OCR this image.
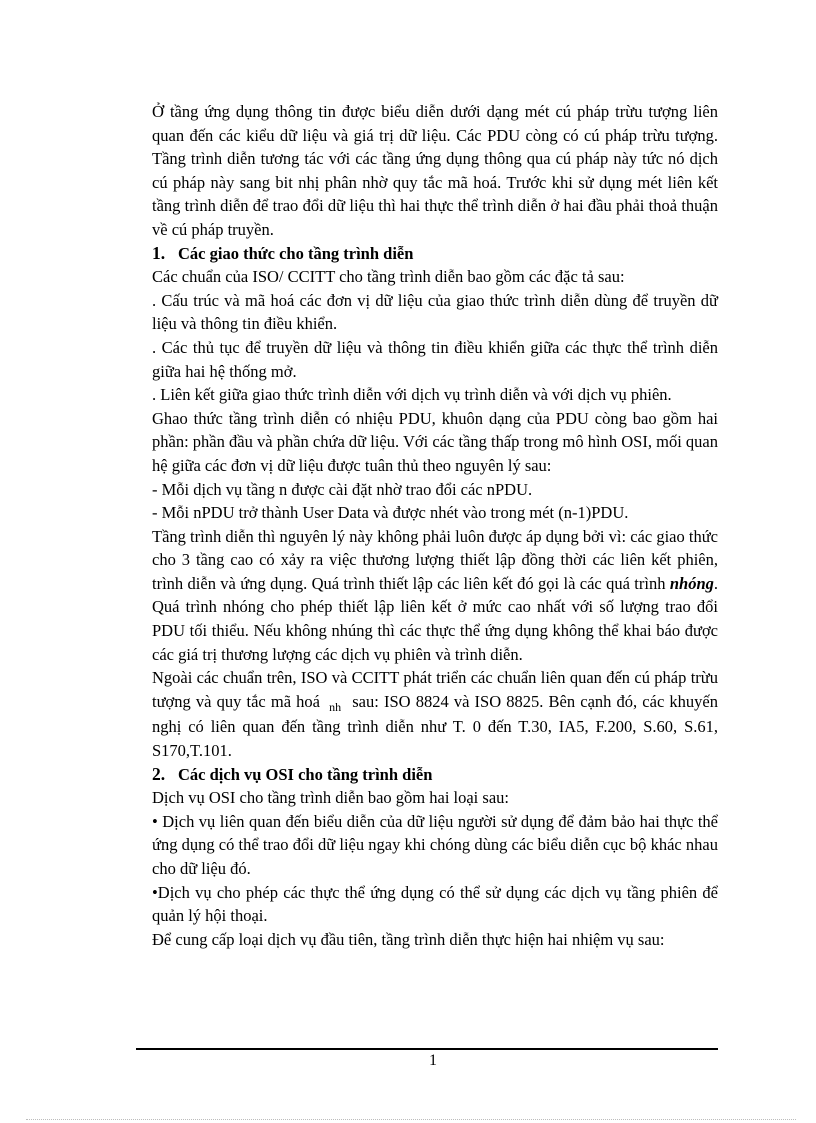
Ở tầng ứng dụng thông tin được biểu diễn dưới dạng mét cú pháp trừu tượng liên quan đến các kiểu dữ liệu và giá trị dữ liệu. Các PDU còng có cú pháp trừu tượng. Tầng trình diễn tương tác với các tầng ứng dụng thông qua cú pháp này tức nó dịch cú pháp này sang bit nhị phân nhờ quy tắc mã hoá. Trước khi sử dụng mét liên kết tầng trình diễn để trao đổi dữ liệu thì hai thực thể trình diễn ở hai đầu phải thoả thuận về cú pháp truyền.

1. Các giao thức cho tầng trình diễn

Các chuẩn của ISO/ CCITT cho tầng trình diễn bao gồm các đặc tả sau:

. Cấu trúc và mã hoá các đơn vị dữ liệu của giao thức trình diễn dùng để truyền dữ liệu và thông tin điều khiển.

. Các thủ tục để truyền dữ liệu và thông tin điều khiển giữa các thực thể trình diễn giữa hai hệ thống mở.

. Liên kết giữa giao thức trình diễn với dịch vụ trình diễn và với dịch vụ phiên.

Ghao thức tầng trình diễn có nhiệu PDU, khuôn dạng của PDU còng bao gồm hai phần: phần đầu và phần chứa dữ liệu. Với các tầng thấp trong mô hình OSI, mối quan hệ giữa các đơn vị dữ liệu được tuân thủ theo nguyên lý sau:

- Mỗi dịch vụ tầng n được cài đặt nhờ trao đổi các nPDU.

- Mỗi nPDU trở thành User Data và được nhét vào trong mét (n-1)PDU.

Tầng trình diễn thì nguyên lý này không phải luôn được áp dụng bởi vì: các giao thức cho 3 tầng cao có xảy ra việc thương lượng thiết lập đồng thời các liên kết phiên, trình diễn và ứng dụng. Quá trình thiết lập các liên kết đó gọi là các quá trình nhóng. Quá trình nhóng cho phép thiết lập liên kết ở mức cao nhất với số lượng trao đổi PDU tối thiểu. Nếu không nhúng thì các thực thể ứng dụng không thể khai báo được các giá trị thương lượng các dịch vụ phiên và trình diễn.

Ngoài các chuẩn trên, ISO và CCITT phát triển các chuẩn liên quan đến cú pháp trừu tượng và quy tắc mã hoá $_{nh}$ sau: ISO 8824 và ISO 8825. Bên cạnh đó, các khuyến nghị có liên quan đến tầng trình diễn như T. 0 đến T.30, IA5, F.200, S.60, S.61, S170,T.101.

2. Các dịch vụ OSI cho tầng trình diễn

Dịch vụ OSI cho tầng trình diễn bao gồm hai loại sau:

• Dịch vụ liên quan đến biểu diễn của dữ liệu người sử dụng để đảm bảo hai thực thể ứng dụng có thể trao đổi dữ liệu ngay khi chóng dùng các biểu diễn cục bộ khác nhau cho dữ liệu đó.

•Dịch vụ cho phép các thực thể ứng dụng có thể sử dụng các dịch vụ tầng phiên để quản lý hội thoại.

Để cung cấp loại dịch vụ đầu tiên, tầng trình diễn thực hiện hai nhiệm vụ sau:

1
